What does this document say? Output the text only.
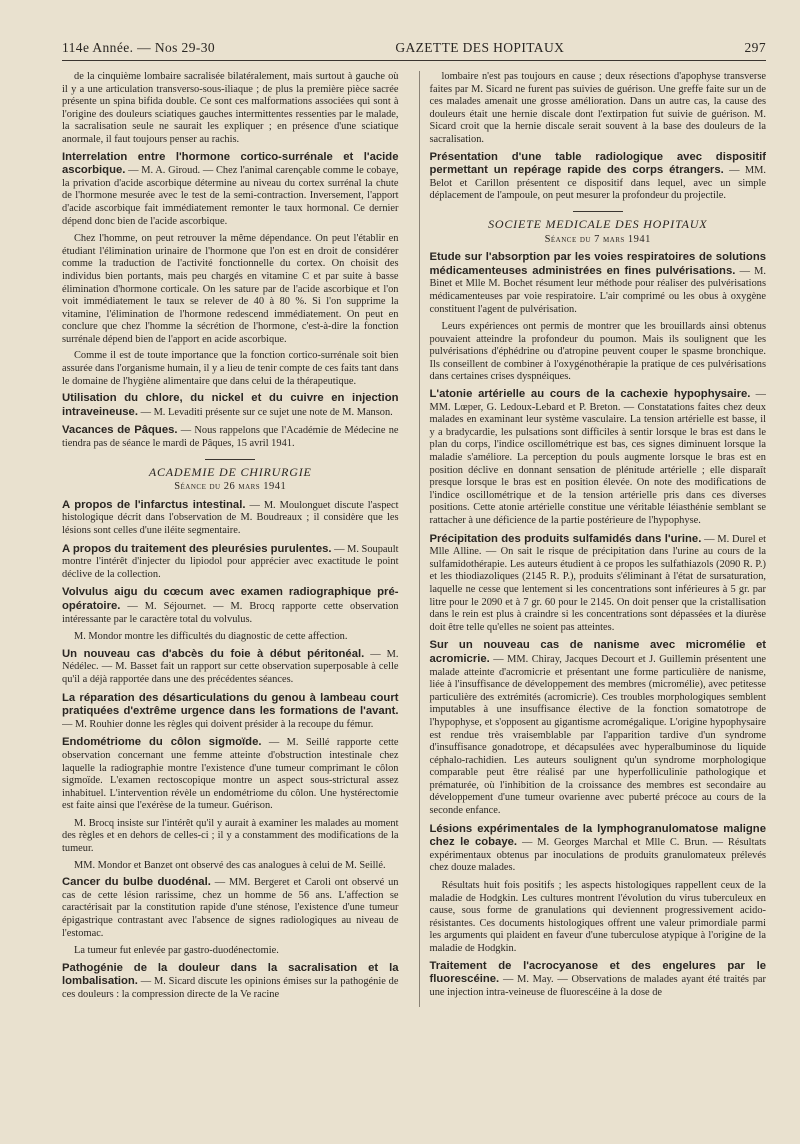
114e Année. — Nos 29-30	GAZETTE DES HOPITAUX	297

de la cinquième lombaire sacralisée bilatéralement, mais surtout à gauche où il y a une articulation transverso-sous-iliaque ; de plus la première pièce sacrée présente un spina bifida double. Ce sont ces malformations associées qui sont à l'origine des douleurs sciatiques gauches intermittentes ressenties par le malade, la sacralisation seule ne saurait les expliquer ; en présence d'une sciatique anormale, il faut toujours penser au rachis.

Interrelation entre l'hormone cortico-surrénale et l'acide ascorbique. — M. A. Giroud. — Chez l'animal carençable comme le cobaye, la privation d'acide ascorbique détermine au niveau du cortex surrénal la chute de l'hormone mesurée avec le test de la semi-contraction. Inversement, l'apport d'acide ascorbique fait immédiatement remonter le taux hormonal. Ce dernier dépend donc bien de l'acide ascorbique.

Chez l'homme, on peut retrouver la même dépendance. On peut l'établir en étudiant l'élimination urinaire de l'hormone que l'on est en droit de considérer comme la traduction de l'activité fonctionnelle du cortex. On choisit des individus bien portants, mais peu chargés en vitamine C et par suite à basse élimination d'hormone corticale. On les sature par de l'acide ascorbique et l'on voit immédiatement le taux se relever de 40 à 80 %. Si l'on supprime la vitamine, l'élimination de l'hormone redescend immédiatement. On peut en conclure que chez l'homme la sécrétion de l'hormone, c'est-à-dire la fonction surrénale dépend bien de l'apport en acide ascorbique.

Comme il est de toute importance que la fonction cortico-surrénale soit bien assurée dans l'organisme humain, il y a lieu de tenir compte de ces faits tant dans le domaine de l'hygiène alimentaire que dans celui de la thérapeutique.

Utilisation du chlore, du nickel et du cuivre en injection intraveineuse. — M. Levaditi présente sur ce sujet une note de M. Manson.

Vacances de Pâques. — Nous rappelons que l'Académie de Médecine ne tiendra pas de séance le mardi de Pâques, 15 avril 1941.

ACADEMIE DE CHIRURGIE

Séance du 26 mars 1941

A propos de l'infarctus intestinal. — M. Moulonguet discute l'aspect histologique décrit dans l'observation de M. Boudreaux ; il considère que les lésions sont celles d'une iléite segmentaire.

A propos du traitement des pleurésies purulentes. — M. Soupault montre l'intérêt d'injecter du lipiodol pour apprécier avec exactitude le point déclive de la collection.

Volvulus aigu du cœcum avec examen radiographique pré-opératoire. — M. Séjournet. — M. Brocq rapporte cette observation intéressante par le caractère total du volvulus.

M. Mondor montre les difficultés du diagnostic de cette affection.

Un nouveau cas d'abcès du foie à début péritonéal. — M. Nédélec. — M. Basset fait un rapport sur cette observation superposable à celle qu'il a déjà rapportée dans une des précédentes séances.

La réparation des désarticulations du genou à lambeau court pratiquées d'extrême urgence dans les formations de l'avant. — M. Rouhier donne les règles qui doivent présider à la recoupe du fémur.

Endométriome du côlon sigmoïde. — M. Seillé rapporte cette observation concernant une femme atteinte d'obstruction intestinale chez laquelle la radiographie montre l'existence d'une tumeur comprimant le côlon sigmoïde. L'examen rectoscopique montre un aspect sous-strictural assez inhabituel. L'intervention révèle un endométriome du côlon. Une hystérectomie est faite ainsi que l'exérèse de la tumeur. Guérison.

M. Brocq insiste sur l'intérêt qu'il y aurait à examiner les malades au moment des règles et en dehors de celles-ci ; il y a constamment des modifications de la tumeur.

MM. Mondor et Banzet ont observé des cas analogues à celui de M. Seillé.

Cancer du bulbe duodénal. — MM. Bergeret et Caroli ont observé un cas de cette lésion rarissime, chez un homme de 56 ans. L'affection se caractérisait par la constitution rapide d'une sténose, l'existence d'une tumeur épigastrique contrastant avec l'absence de signes radiologiques au niveau de l'estomac.

La tumeur fut enlevée par gastro-duodénectomie.

Pathogénie de la douleur dans la sacralisation et la lombalisation. — M. Sicard discute les opinions émises sur la pathogénie de ces douleurs : la compression directe de la Ve racine

lombaire n'est pas toujours en cause ; deux résections d'apophyse transverse faites par M. Sicard ne furent pas suivies de guérison. Une greffe faite sur un de ces malades amenait une grosse amélioration. Dans un autre cas, la cause des douleurs était une hernie discale dont l'extirpation fut suivie de guérison. M. Sicard croit que la hernie discale serait souvent à la base des douleurs de la sacralisation.

Présentation d'une table radiologique avec dispositif permettant un repérage rapide des corps étrangers. — MM. Belot et Carillon présentent ce dispositif dans lequel, avec un simple déplacement de l'ampoule, on peut mesurer la profondeur du projectile.

SOCIETE MEDICALE DES HOPITAUX

Séance du 7 mars 1941

Etude sur l'absorption par les voies respiratoires de solutions médicamenteuses administrées en fines pulvérisations. — M. Binet et Mlle M. Bochet résument leur méthode pour réaliser des pulvérisations médicamenteuses par voie respiratoire. L'air comprimé ou les obus à oxygène constituent l'agent de pulvérisation.

Leurs expériences ont permis de montrer que les brouillards ainsi obtenus pouvaient atteindre la profondeur du poumon. Mais ils soulignent que les pulvérisations d'éphédrine ou d'atropine peuvent couper le spasme bronchique. Ils conseillent de combiner à l'oxygénothérapie la pratique de ces pulvérisations dans certaines crises dyspnéiques.

L'atonie artérielle au cours de la cachexie hypophysaire. — MM. Lœper, G. Ledoux-Lebard et P. Breton. — Constatations faites chez deux malades en examinant leur système vasculaire. La tension artérielle est basse, il y a bradycardie, les pulsations sont difficiles à sentir lorsque le bras est dans le plan du corps, l'indice oscillométrique est bas, ces signes diminuent lorsque la maladie s'améliore. La perception du pouls augmente lorsque le bras est en position déclive en donnant sensation de plénitude artérielle ; elle disparaît presque lorsque le bras est en position élevée. On note des modifications de l'indice oscillométrique et de la tension artérielle pris dans ces diverses positions. Cette atonie artérielle constitue une véritable léiasthénie semblant se rattacher à une déficience de la partie postérieure de l'hypophyse.

Précipitation des produits sulfamidés dans l'urine. — M. Durel et Mlle Alline. — On sait le risque de précipitation dans l'urine au cours de la sulfamidothérapie. Les auteurs étudient à ce propos les sulfathiazols (2090 R. P.) et les thiodiazoliques (2145 R. P.), produits s'éliminant à l'état de sursaturation, laquelle ne cesse que lentement si les concentrations sont inférieures à 5 gr. par litre pour le 2090 et à 7 gr. 60 pour le 2145. On doit penser que la cristallisation dans le rein est plus à craindre si les concentrations sont dépassées et la diurèse doit être telle qu'elles ne soient pas atteintes.

Sur un nouveau cas de nanisme avec micromélie et acromicrie. — MM. Chiray, Jacques Decourt et J. Guillemin présentent une malade atteinte d'acromicrie et présentant une forme particulière de nanisme, liée à l'insuffisance de développement des membres (micromélie), avec petitesse particulière des extrémités (acromicrie). Ces troubles morphologiques semblent imputables à une insuffisance élective de la fonction somatotrope de l'hypophyse, et s'opposent au gigantisme acromégalique. L'origine hypophysaire est rendue très vraisemblable par l'apparition tardive d'un syndrome d'insuffisance gonadotrope, et décapsulées avec hyperalbuminose du liquide céphalo-rachidien. Les auteurs soulignent qu'un syndrome morphologique comparable peut être réalisé par une hyperfolliculinie pathologique et prématurée, où l'inhibition de la croissance des membres est secondaire au développement d'une tumeur ovarienne avec puberté précoce au cours de la seconde enfance.

Lésions expérimentales de la lymphogranulomatose maligne chez le cobaye. — M. Georges Marchal et Mlle C. Brun. — Résultats expérimentaux obtenus par inoculations de produits granulomateux prélevés chez douze malades.

Résultats huit fois positifs ; les aspects histologiques rappellent ceux de la maladie de Hodgkin. Les cultures montrent l'évolution du virus tuberculeux en cause, sous forme de granulations qui deviennent progressivement acido-résistantes. Ces documents histologiques offrent une valeur primordiale parmi les arguments qui plaident en faveur d'une tuberculose atypique à l'origine de la maladie de Hodgkin.

Traitement de l'acrocyanose et des engelures par le fluorescéine. — M. May. — Observations de malades ayant été traités par une injection intra-veineuse de fluorescéine à la dose de
